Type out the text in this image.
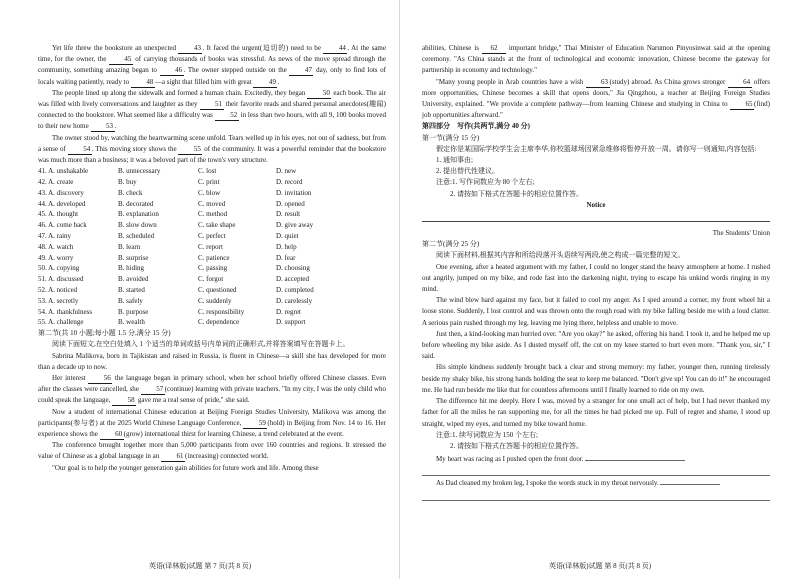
Yet life threw the bookstore an unexpected 43 . It faced the urgent(迫切的) need to be 44 . At the same time, for the owner, the 45 of carrying thousands of books was stressful. As news of the move spread through the community, something amazing began to 46 . The owner stepped outside on the 47 day, only to find lots of locals waiting patiently, ready to 48 —a sight that filled him with great 49 .

The people lined up along the sidewalk and formed a human chain. Excitedly, they began 50 each book. The air was filled with lively conversations and laughter as they 51 their favorite reads and shared personal anecdotes(趣闻) connected to the bookstore. What seemed like a difficulty was 52 in less than two hours, with all 9, 100 books moved to their new home 53 .

The owner stood by, watching the heartwarming scene unfold. Tears welled up in his eyes, not out of sadness, but from a sense of 54 . This moving story shows the 55 of the community. It was a powerful reminder that the bookstore was much more than a business; it was a beloved part of the town's very structure.

41. A. unshakable	B. unnecessary	C. lost	D. new
42. A. create	B. buy	C. print	D. record
43. A. discovery	B. check	C. blow	D. invitation
44. A. developed	B. decorated	C. moved	D. opened
45. A. thought	B. explanation	C. method	D. result
46. A. come back	B. slow down	C. take shape	D. give away
47. A. rainy	B. scheduled	C. perfect	D. quiet
48. A. watch	B. learn	C. report	D. help
49. A. worry	B. surprise	C. patience	D. fear
50. A. copying	B. hiding	C. passing	D. choosing
51. A. discussed	B. avoided	C. forgot	D. accepted
52. A. noticed	B. started	C. questioned	D. completed
53. A. secretly	B. safely	C. suddenly	D. carelessly
54. A. thankfulness	B. purpose	C. responsibility	D. regret
55. A. challenge	B. wealth	C. dependence	D. support

第二节(共 10 小题;每小题 1.5 分,满分 15 分)

阅读下面短文,在空白处填入 1 个适当的单词或括号内单词的正确形式,并将答案填写在答题卡上。

Sabrina Malikova, born in Tajikistan and raised in Russia, is fluent in Chinese—a skill she has developed for more than a decade up to now.

Her interest 56 the language began in primary school, when her school briefly offered Chinese classes. Even after the classes were cancelled, she 57 (continue) learning with private teachers. "In my city, I was the only child who could speak the language, 58 gave me a real sense of pride," she said.

Now a student of international Chinese education at Beijing Foreign Studies University, Malikova was among the participants(参与者) at the 2025 World Chinese Language Conference, 59 (hold) in Beijing from Nov. 14 to 16. Her experience shows the 60 (grow) international thirst for learning Chinese, a trend celebrated at the event.

The conference brought together more than 5,000 participants from over 160 countries and regions. It stressed the value of Chinese as a global language in an 61 (increasing) connected world.

"Our goal is to help the younger generation gain abilities for future work and life. Among these

英语(译林版)试题 第 7 页(共 8 页)

abilities, Chinese is 62 important bridge," Thai Minister of Education Narumon Pinyosinwat said at the opening ceremony. "As China stands at the front of technological and economic innovation, Chinese become the gateway for partnership in economy and technology."

"Many young people in Arab countries have a wish 63 (study) abroad. As China grows stronger 64 offers more opportunities, Chinese becomes a skill that opens doors," Jia Qingzhou, a teacher at Beijing Foreign Studies University, explained. "We provide a complete pathway—from learning Chinese and studying in China to 65 (find) job opportunities afterward."

第四部分　写作(共两节,满分 40 分)

第一节(满分 15 分)

假定你是某国际学校学生会主席李华,你校篮球场因紧急维修将暂停开放一周。请你写一则通知,内容包括:

1. 通知事由;

2. 提出替代性建议。

注意:1. 写作词数应为 80 个左右;

2. 请按如下格式在答题卡的相应位置作答。

Notice

The Students' Union

第二节(满分 25 分)

阅读下面材料,根据其内容和所给段落开头语续写两段,使之构成一篇完整的短文。

One evening, after a heated argument with my father, I could no longer stand the heavy atmosphere at home. I rushed out angrily, jumped on my bike, and rode fast into the darkening night, trying to escape his unkind words ringing in my mind.

The wind blew hard against my face, but it failed to cool my anger. As I sped around a corner, my front wheel hit a loose stone. Suddenly, I lost control and was thrown onto the rough road with my bike falling beside me with a loud clatter. A serious pain rushed through my leg, leaving me lying there, helpless and unable to move.

Just then, a kind-looking man hurried over. "Are you okay?" he asked, offering his hand. I took it, and he helped me up before wheeling my bike aside. As I dusted myself off, the cut on my knee started to hurt even more. "Thank you, sir," I said.

His simple kindness suddenly brought back a clear and strong memory: my father, younger then, running tirelessly beside my shaky bike, his strong hands holding the seat to keep me balanced. "Don't give up! You can do it!" he encouraged me. He had run beside me like that for countless afternoons until I finally learned to ride on my own.

The difference hit me deeply. Here I was, moved by a stranger for one small act of help, but I had never thanked my father for all the miles he ran supporting me, for all the times he had picked me up. Full of regret and shame, I stood up straight, wiped my eyes, and turned my bike toward home.

注意:1. 续写词数应为 150 个左右;

2. 请按如下格式在答题卡的相应位置作答。

My heart was racing as I pushed open the front door.

As Dad cleaned my broken leg, I spoke the words stuck in my throat nervously.

英语(译林版)试题 第 8 页(共 8 页)
